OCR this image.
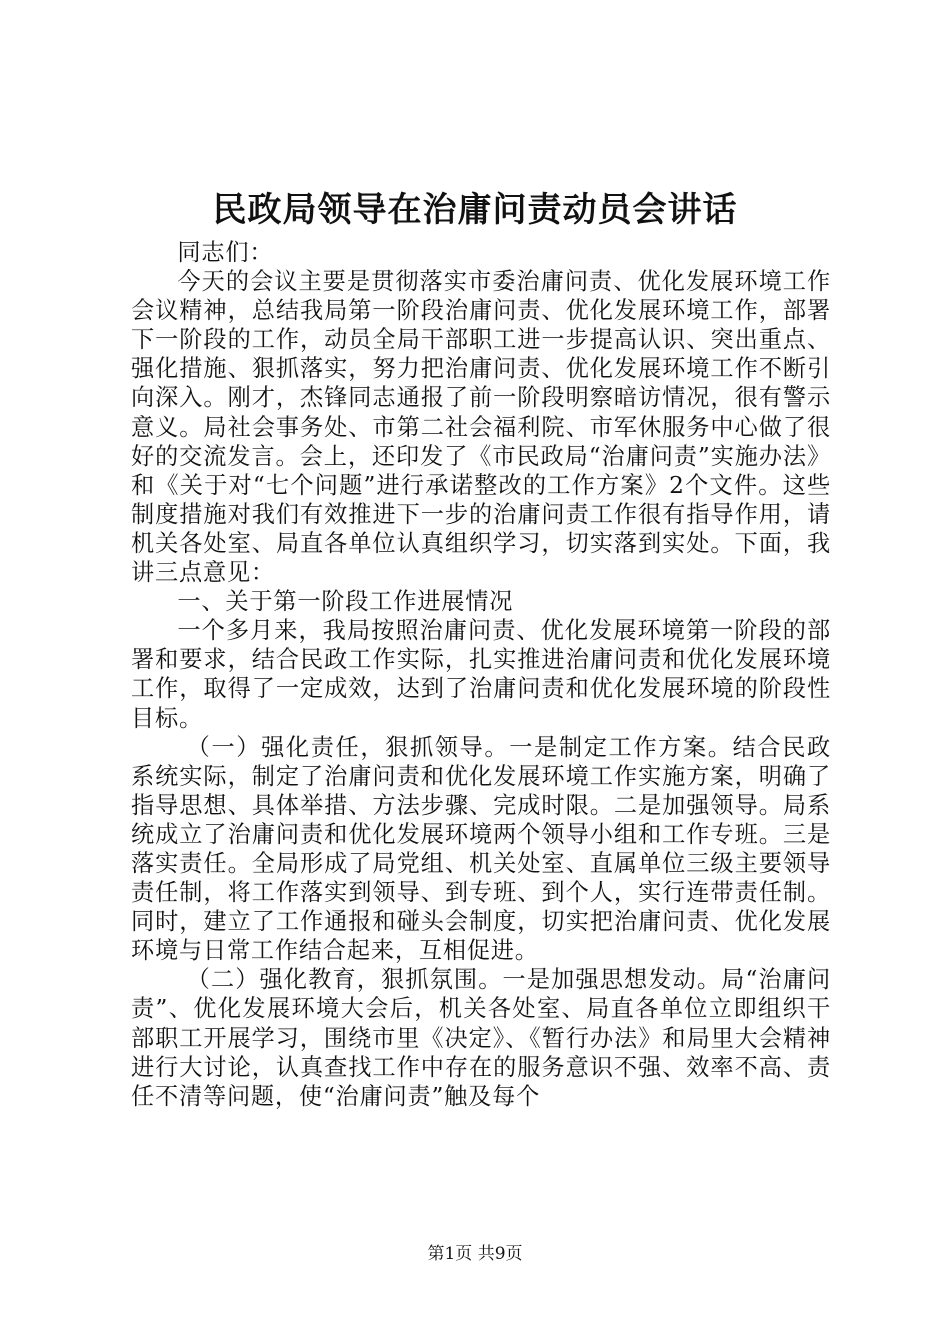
民政局领导在治庸问责动员会讲话

同志们：

今天的会议主要是贯彻落实市委治庸问责、优化发展环境工作会议精神，总结我局第一阶段治庸问责、优化发展环境工作，部署下一阶段的工作，动员全局干部职工进一步提高认识、突出重点、强化措施、狠抓落实，努力把治庸问责、优化发展环境工作不断引向深入。刚才，杰锋同志通报了前一阶段明察暗访情况，很有警示意义。局社会事务处、市第二社会福利院、市军休服务中心做了很好的交流发言。会上，还印发了《市民政局“治庸问责”实施办法》和《关于对“七个问题”进行承诺整改的工作方案》2个文件。这些制度措施对我们有效推进下一步的治庸问责工作很有指导作用，请机关各处室、局直各单位认真组织学习，切实落到实处。下面，我讲三点意见：

一、关于第一阶段工作进展情况

一个多月来，我局按照治庸问责、优化发展环境第一阶段的部署和要求，结合民政工作实际，扎实推进治庸问责和优化发展环境工作，取得了一定成效，达到了治庸问责和优化发展环境的阶段性目标。

（一）强化责任，狠抓领导。一是制定工作方案。结合民政系统实际，制定了治庸问责和优化发展环境工作实施方案，明确了指导思想、具体举措、方法步骤、完成时限。二是加强领导。局系统成立了治庸问责和优化发展环境两个领导小组和工作专班。三是落实责任。全局形成了局党组、机关处室、直属单位三级主要领导责任制，将工作落实到领导、到专班、到个人，实行连带责任制。同时，建立了工作通报和碰头会制度，切实把治庸问责、优化发展环境与日常工作结合起来，互相促进。

（二）强化教育，狠抓氛围。一是加强思想发动。局“治庸问责”、优化发展环境大会后，机关各处室、局直各单位立即组织干部职工开展学习，围绕市里《决定》、《暂行办法》和局里大会精神进行大讨论，认真查找工作中存在的服务意识不强、效率不高、责任不清等问题，使“治庸问责”触及每个

第1页 共9页
